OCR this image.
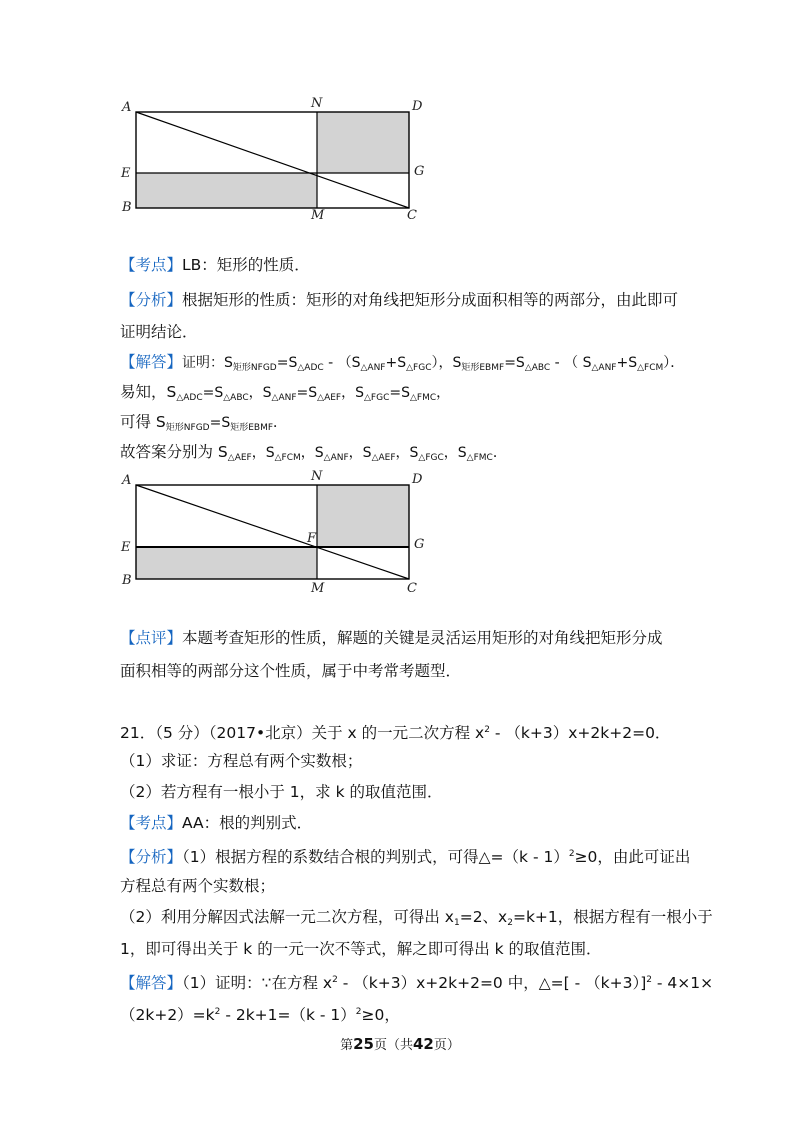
A	N	D
E	G
B
M	C
【考点】LB：矩形的性质．
【分析】根据矩形的性质：矩形的对角线把矩形分成面积相等的两部分，由此即可
证明结论．
【解答】证明：$S_{矩形NFGD}=S_{\triangle ADC} - (S_{\triangle ANF}+S_{\triangle FGC})$，$S_{矩形EBMF}=S_{\triangle ABC}$ - （ $S_{\triangle ANF}+S_{\triangle FCM}$）．
易知，$S_{\triangle ADC}=S_{\triangle ABC}$，$S_{\triangle ANF}=S_{\triangle AEF}$，$S_{\triangle FGC}=S_{\triangle FMC}$，
可得 $S_{矩形NFGD}=S_{矩形EBMF}$．
故答案分别为 $S_{\triangle AEF}$，$S_{\triangle FCM}$，$S_{\triangle ANF}$，$S_{\triangle AEF}$，$S_{\triangle FGC}$，$S_{\triangle FMC}$．
A	N	D
E
F	G
B
M	C
【点评】本题考查矩形的性质，解题的关键是灵活运用矩形的对角线把矩形分成
面积相等的两部分这个性质，属于中考常考题型．
21．（5 分）（2017•北京）关于 x 的一元二次方程 $x^2 - (k+3)x+2k+2=0$．
（1）求证：方程总有两个实数根；
（2）若方程有一根小于 1，求 k 的取值范围．
【考点】AA：根的判别式．
【分析】（1）根据方程的系数结合根的判别式，可得△=（k - 1）$^2$≥0，由此可证出
方程总有两个实数根；
（2）利用分解因式法解一元二次方程，可得出 $x_1=2$、$x_2=k+1$，根据方程有一根小于
1，即可得出关于 k 的一元一次不等式，解之即可得出 k 的取值范围．
【解答】（1）证明：∵在方程 $x^2 - (k+3)x+2k+2=0$ 中，△=[ - （k+3）]$^2$ - 4×1×
$(2k+2)=k^2 - 2k+1=(k - 1)^2\ge 0$，
第25页（共42页）
